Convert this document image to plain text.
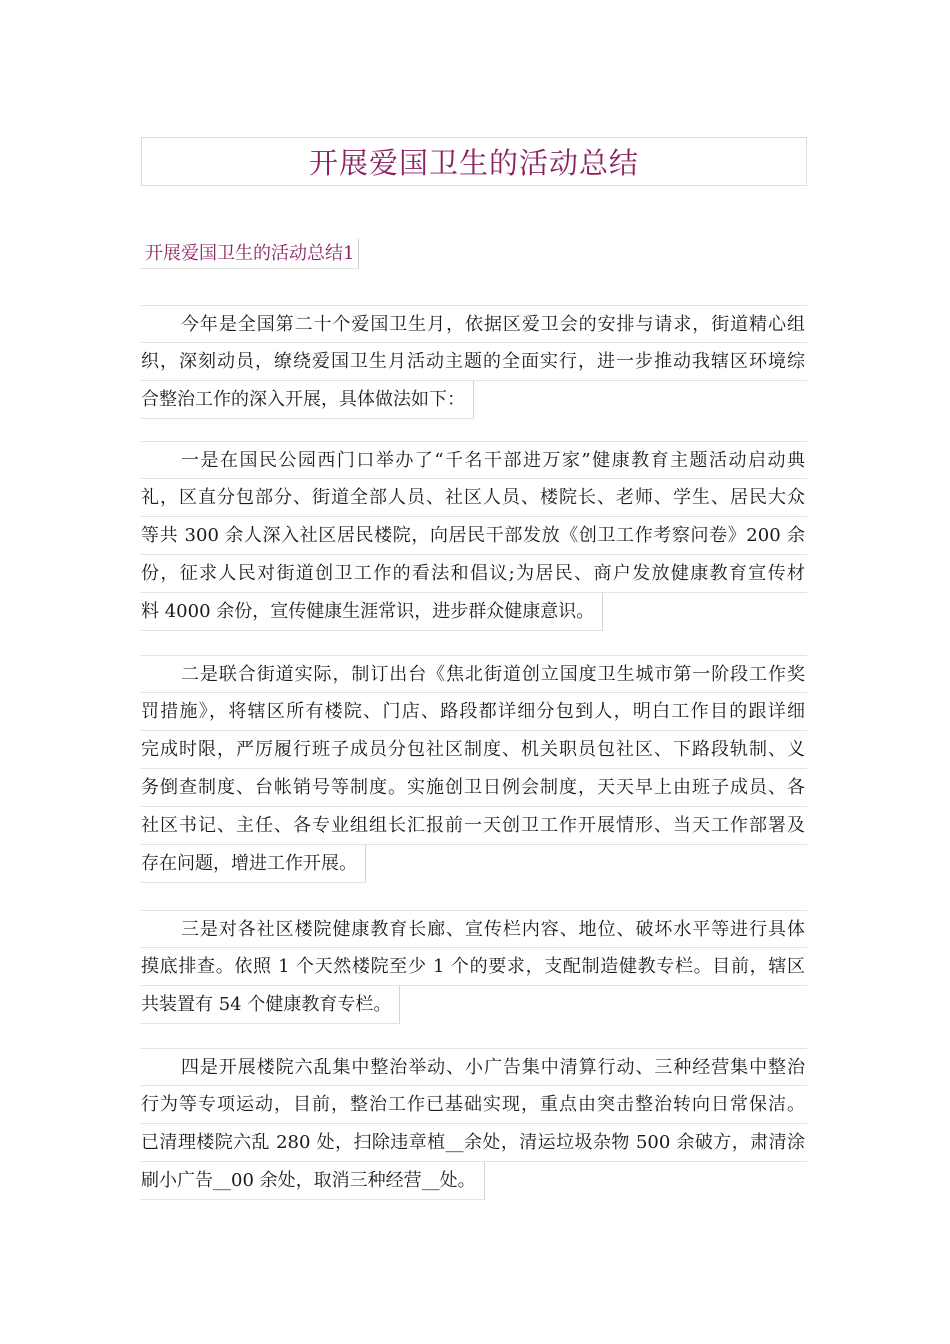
开展爱国卫生的活动总结
开展爱国卫生的活动总结1
今年是全国第二十个爱国卫生月，依据区爱卫会的安排与请求，街道精心组
织，深刻动员，缭绕爱国卫生月活动主题的全面实行，进一步推动我辖区环境综
合整治工作的深入开展，具体做法如下：
一是在国民公园西门口举办了“千名干部进万家”健康教育主题活动启动典
礼，区直分包部分、街道全部人员、社区人员、楼院长、老师、学生、居民大众
等共 300 余人深入社区居民楼院，向居民干部发放《创卫工作考察问卷》200 余
份，征求人民对街道创卫工作的看法和倡议;为居民、商户发放健康教育宣传材
料 4000 余份，宣传健康生涯常识，进步群众健康意识。
二是联合街道实际，制订出台《焦北街道创立国度卫生城市第一阶段工作奖
罚措施》，将辖区所有楼院、门店、路段都详细分包到人，明白工作目的跟详细
完成时限，严厉履行班子成员分包社区制度、机关职员包社区、下路段轨制、义
务倒查制度、台帐销号等制度。实施创卫日例会制度，天天早上由班子成员、各
社区书记、主任、各专业组组长汇报前一天创卫工作开展情形、当天工作部署及
存在问题，增进工作开展。
三是对各社区楼院健康教育长廊、宣传栏内容、地位、破坏水平等进行具体
摸底排查。依照 1 个天然楼院至少 1 个的要求，支配制造健教专栏。目前，辖区
共装置有 54 个健康教育专栏。
四是开展楼院六乱集中整治举动、小广告集中清算行动、三种经营集中整治
行为等专项运动，目前，整治工作已基础实现，重点由突击整治转向日常保洁。
已清理楼院六乱 280 处，扫除违章植__余处，清运垃圾杂物 500 余破方，肃清涂
刷小广告__00 余处，取消三种经营__处。
